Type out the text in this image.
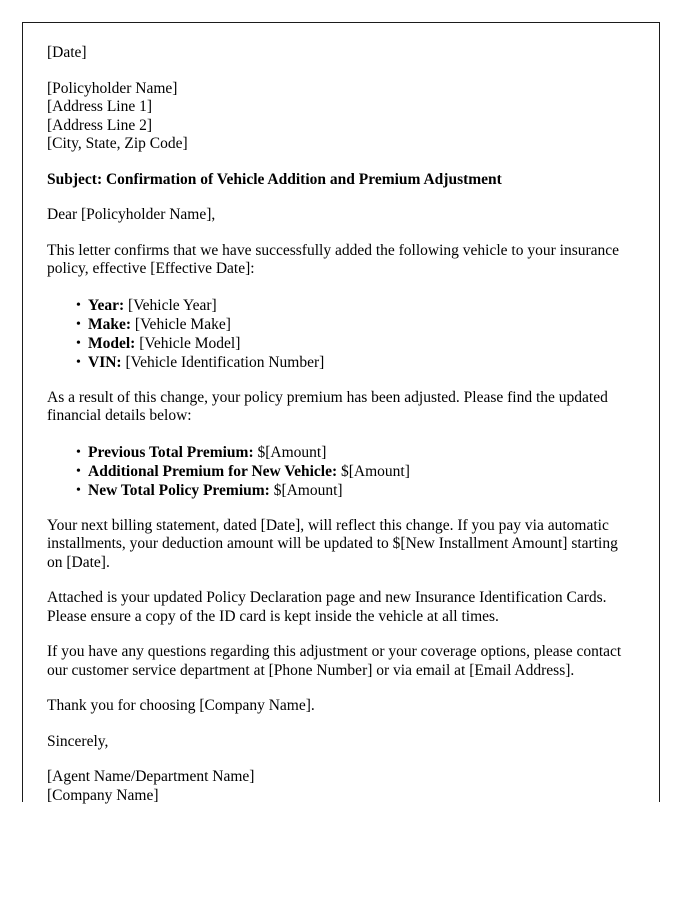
[Date]
[Policyholder Name]
[Address Line 1]
[Address Line 2]
[City, State, Zip Code]

Subject: Confirmation of Vehicle Addition and Premium Adjustment

Dear [Policyholder Name],

This letter confirms that we have successfully added the following vehicle to your insurance policy, effective [Effective Date]:

• Year: [Vehicle Year]
• Make: [Vehicle Make]
• Model: [Vehicle Model]
• VIN: [Vehicle Identification Number]

As a result of this change, your policy premium has been adjusted. Please find the updated financial details below:

• Previous Total Premium: $[Amount]
• Additional Premium for New Vehicle: $[Amount]
• New Total Policy Premium: $[Amount]

Your next billing statement, dated [Date], will reflect this change. If you pay via automatic installments, your deduction amount will be updated to $[New Installment Amount] starting on [Date].

Attached is your updated Policy Declaration page and new Insurance Identification Cards. Please ensure a copy of the ID card is kept inside the vehicle at all times.

If you have any questions regarding this adjustment or your coverage options, please contact our customer service department at [Phone Number] or via email at [Email Address].

Thank you for choosing [Company Name].

Sincerely,

[Agent Name/Department Name]
[Company Name]
